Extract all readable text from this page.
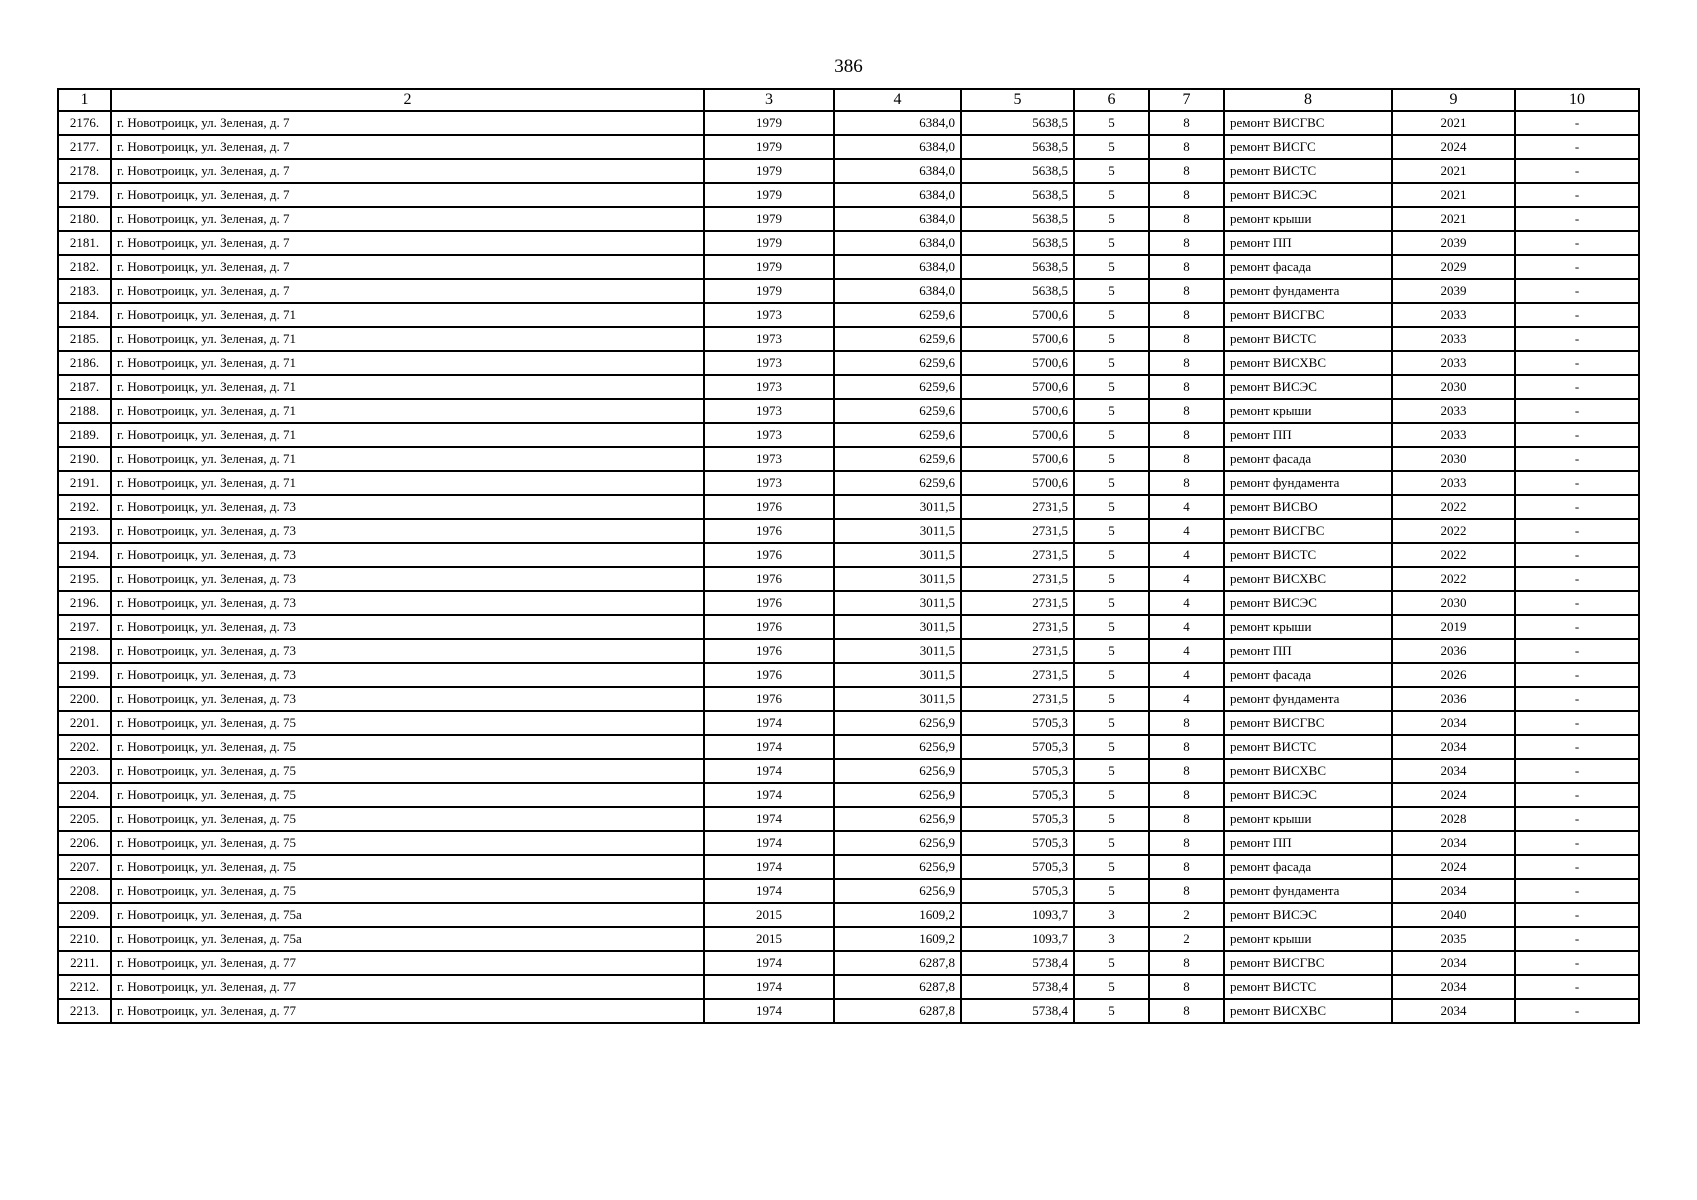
386
1	2	3	4	5	6	7	8	9	10
2176.	г. Новотроицк, ул. Зеленая, д. 7	1979	6384,0	5638,5	5	8	ремонт ВИСГВС	2021	-
2177.	г. Новотроицк, ул. Зеленая, д. 7	1979	6384,0	5638,5	5	8	ремонт ВИСГС	2024	-
2178.	г. Новотроицк, ул. Зеленая, д. 7	1979	6384,0	5638,5	5	8	ремонт ВИСТС	2021	-
2179.	г. Новотроицк, ул. Зеленая, д. 7	1979	6384,0	5638,5	5	8	ремонт ВИСЭС	2021	-
2180.	г. Новотроицк, ул. Зеленая, д. 7	1979	6384,0	5638,5	5	8	ремонт крыши	2021	-
2181.	г. Новотроицк, ул. Зеленая, д. 7	1979	6384,0	5638,5	5	8	ремонт ПП	2039	-
2182.	г. Новотроицк, ул. Зеленая, д. 7	1979	6384,0	5638,5	5	8	ремонт фасада	2029	-
2183.	г. Новотроицк, ул. Зеленая, д. 7	1979	6384,0	5638,5	5	8	ремонт фундамента	2039	-
2184.	г. Новотроицк, ул. Зеленая, д. 71	1973	6259,6	5700,6	5	8	ремонт ВИСГВС	2033	-
2185.	г. Новотроицк, ул. Зеленая, д. 71	1973	6259,6	5700,6	5	8	ремонт ВИСТС	2033	-
2186.	г. Новотроицк, ул. Зеленая, д. 71	1973	6259,6	5700,6	5	8	ремонт ВИСХВС	2033	-
2187.	г. Новотроицк, ул. Зеленая, д. 71	1973	6259,6	5700,6	5	8	ремонт ВИСЭС	2030	-
2188.	г. Новотроицк, ул. Зеленая, д. 71	1973	6259,6	5700,6	5	8	ремонт крыши	2033	-
2189.	г. Новотроицк, ул. Зеленая, д. 71	1973	6259,6	5700,6	5	8	ремонт ПП	2033	-
2190.	г. Новотроицк, ул. Зеленая, д. 71	1973	6259,6	5700,6	5	8	ремонт фасада	2030	-
2191.	г. Новотроицк, ул. Зеленая, д. 71	1973	6259,6	5700,6	5	8	ремонт фундамента	2033	-
2192.	г. Новотроицк, ул. Зеленая, д. 73	1976	3011,5	2731,5	5	4	ремонт ВИСВО	2022	-
2193.	г. Новотроицк, ул. Зеленая, д. 73	1976	3011,5	2731,5	5	4	ремонт ВИСГВС	2022	-
2194.	г. Новотроицк, ул. Зеленая, д. 73	1976	3011,5	2731,5	5	4	ремонт ВИСТС	2022	-
2195.	г. Новотроицк, ул. Зеленая, д. 73	1976	3011,5	2731,5	5	4	ремонт ВИСХВС	2022	-
2196.	г. Новотроицк, ул. Зеленая, д. 73	1976	3011,5	2731,5	5	4	ремонт ВИСЭС	2030	-
2197.	г. Новотроицк, ул. Зеленая, д. 73	1976	3011,5	2731,5	5	4	ремонт крыши	2019	-
2198.	г. Новотроицк, ул. Зеленая, д. 73	1976	3011,5	2731,5	5	4	ремонт ПП	2036	-
2199.	г. Новотроицк, ул. Зеленая, д. 73	1976	3011,5	2731,5	5	4	ремонт фасада	2026	-
2200.	г. Новотроицк, ул. Зеленая, д. 73	1976	3011,5	2731,5	5	4	ремонт фундамента	2036	-
2201.	г. Новотроицк, ул. Зеленая, д. 75	1974	6256,9	5705,3	5	8	ремонт ВИСГВС	2034	-
2202.	г. Новотроицк, ул. Зеленая, д. 75	1974	6256,9	5705,3	5	8	ремонт ВИСТС	2034	-
2203.	г. Новотроицк, ул. Зеленая, д. 75	1974	6256,9	5705,3	5	8	ремонт ВИСХВС	2034	-
2204.	г. Новотроицк, ул. Зеленая, д. 75	1974	6256,9	5705,3	5	8	ремонт ВИСЭС	2024	-
2205.	г. Новотроицк, ул. Зеленая, д. 75	1974	6256,9	5705,3	5	8	ремонт крыши	2028	-
2206.	г. Новотроицк, ул. Зеленая, д. 75	1974	6256,9	5705,3	5	8	ремонт ПП	2034	-
2207.	г. Новотроицк, ул. Зеленая, д. 75	1974	6256,9	5705,3	5	8	ремонт фасада	2024	-
2208.	г. Новотроицк, ул. Зеленая, д. 75	1974	6256,9	5705,3	5	8	ремонт фундамента	2034	-
2209.	г. Новотроицк, ул. Зеленая, д. 75а	2015	1609,2	1093,7	3	2	ремонт ВИСЭС	2040	-
2210.	г. Новотроицк, ул. Зеленая, д. 75а	2015	1609,2	1093,7	3	2	ремонт крыши	2035	-
2211.	г. Новотроицк, ул. Зеленая, д. 77	1974	6287,8	5738,4	5	8	ремонт ВИСГВС	2034	-
2212.	г. Новотроицк, ул. Зеленая, д. 77	1974	6287,8	5738,4	5	8	ремонт ВИСТС	2034	-
2213.	г. Новотроицк, ул. Зеленая, д. 77	1974	6287,8	5738,4	5	8	ремонт ВИСХВС	2034	-
